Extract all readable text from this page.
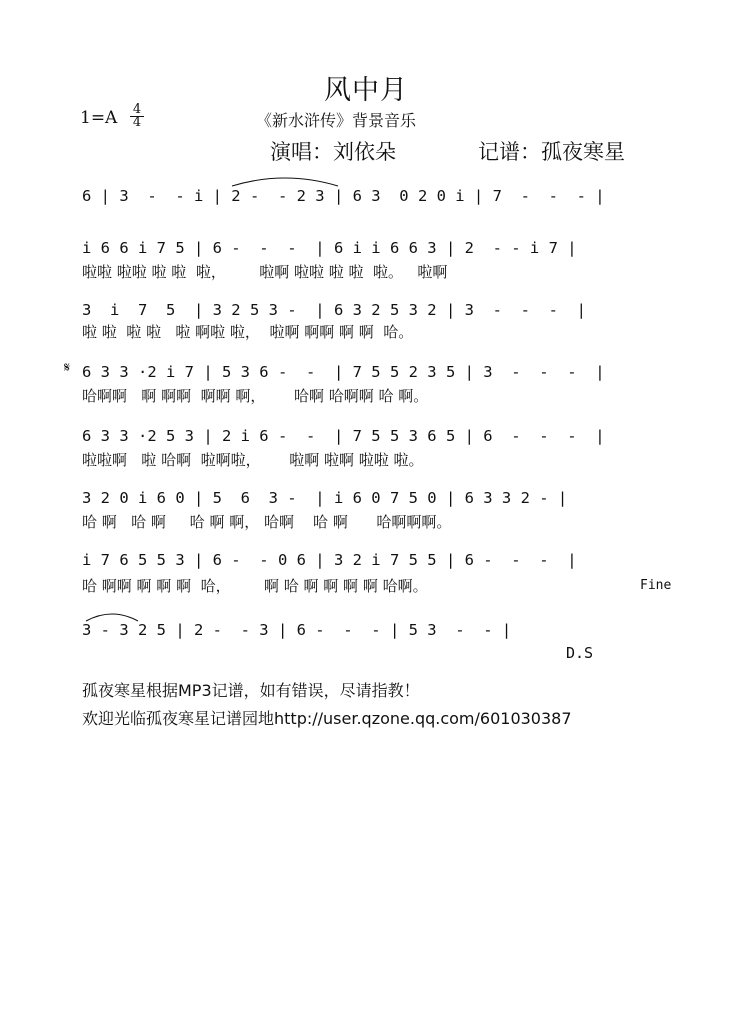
风中月
$1=A \frac{4}{4}$	《新水浒传》背景音乐
演唱：刘依朵	记谱：孤夜寒星
𝄋
6 | 3  -  - i | 2 -  - 2 3 | 6 3  0 2 0 i | 7  -  -  - |
i 6 6 i 7 5 | 6 -  -  -  | 6 i i 6 6 3 | 2  - - i 7 |
啦啦 啦啦 啦 啦  啦，       啦啊 啦啦 啦 啦  啦。   啦啊
3  i  7  5  | 3 2 5 3 -  | 6 3 2 5 3 2 | 3  -  -  -  |
啦 啦  啦 啦   啦 啊啦 啦，  啦啊 啊啊 啊 啊  哈。
6 3 3 ·2 i 7 | 5 3 6 -  -  | 7 5 5 2 3 5 | 3  -  -  -  |
哈啊啊   啊 啊啊  啊啊 啊，      哈啊 哈啊啊 哈 啊。
6 3 3 ·2 5 3 | 2 i 6 -  -  | 7 5 5 3 6 5 | 6  -  -  -  |
啦啦啊   啦 哈啊  啦啊啦，      啦啊 啦啊 啦啦 啦。
3 2 0 i 6 0 | 5  6  3 -  | i 6 0 7 5 0 | 6 3 3 2 - |
哈 啊   哈 啊     哈 啊 啊， 哈啊    哈 啊      哈啊啊啊。
i 7 6 5 5 3 | 6 -  - 0 6 | 3 2 i 7 5 5 | 6 -  -  -  |
哈 啊啊 啊 啊 啊  哈，       啊 哈 啊 啊 啊 啊 哈啊。	Fine
3 - 3 2 5 | 2 -  - 3 | 6 -  -  - | 5 3  -  - |
D.S
孤夜寒星根据MP3记谱，如有错误，尽请指教！
欢迎光临孤夜寒星记谱园地http://user.qzone.qq.com/601030387
